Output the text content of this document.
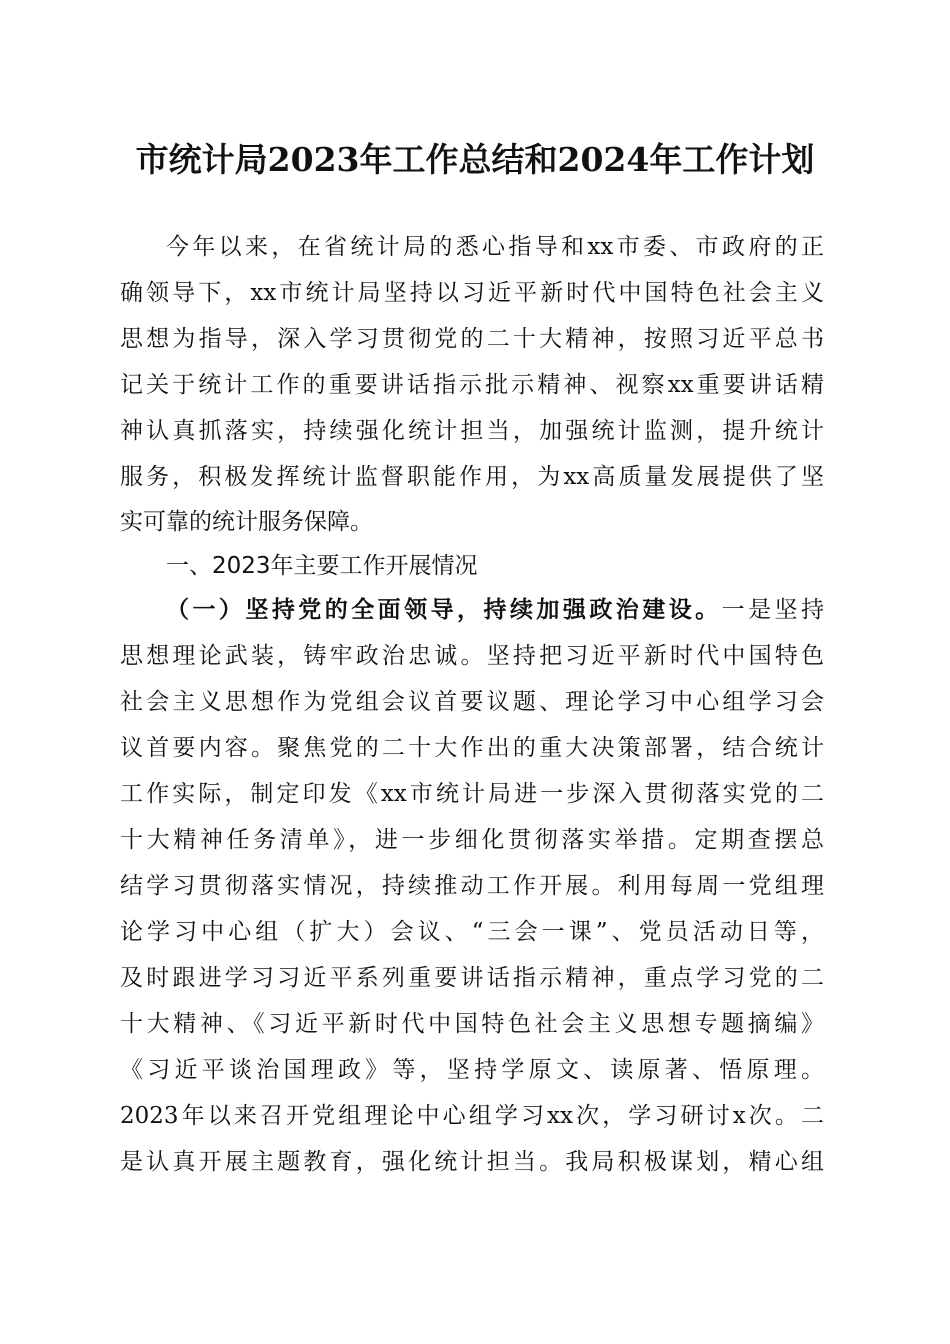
市统计局2023年工作总结和2024年工作计划
今年以来，在省统计局的悉心指导和xx市委、市政府的正
确领导下，xx市统计局坚持以习近平新时代中国特色社会主义
思想为指导，深入学习贯彻党的二十大精神，按照习近平总书
记关于统计工作的重要讲话指示批示精神、视察xx重要讲话精
神认真抓落实，持续强化统计担当，加强统计监测，提升统计
服务，积极发挥统计监督职能作用，为xx高质量发展提供了坚
实可靠的统计服务保障。
一、2023年主要工作开展情况
（一）坚持党的全面领导，持续加强政治建设。一是坚持
思想理论武装，铸牢政治忠诚。坚持把习近平新时代中国特色
社会主义思想作为党组会议首要议题、理论学习中心组学习会
议首要内容。聚焦党的二十大作出的重大决策部署，结合统计
工作实际，制定印发《xx市统计局进一步深入贯彻落实党的二
十大精神任务清单》，进一步细化贯彻落实举措。定期查摆总
结学习贯彻落实情况，持续推动工作开展。利用每周一党组理
论学习中心组（扩大）会议、“三会一课”、党员活动日等，
及时跟进学习习近平系列重要讲话指示精神，重点学习党的二
十大精神、《习近平新时代中国特色社会主义思想专题摘编》
《习近平谈治国理政》等，坚持学原文、读原著、悟原理。
2023年以来召开党组理论中心组学习xx次，学习研讨x次。二
是认真开展主题教育，强化统计担当。我局积极谋划，精心组
